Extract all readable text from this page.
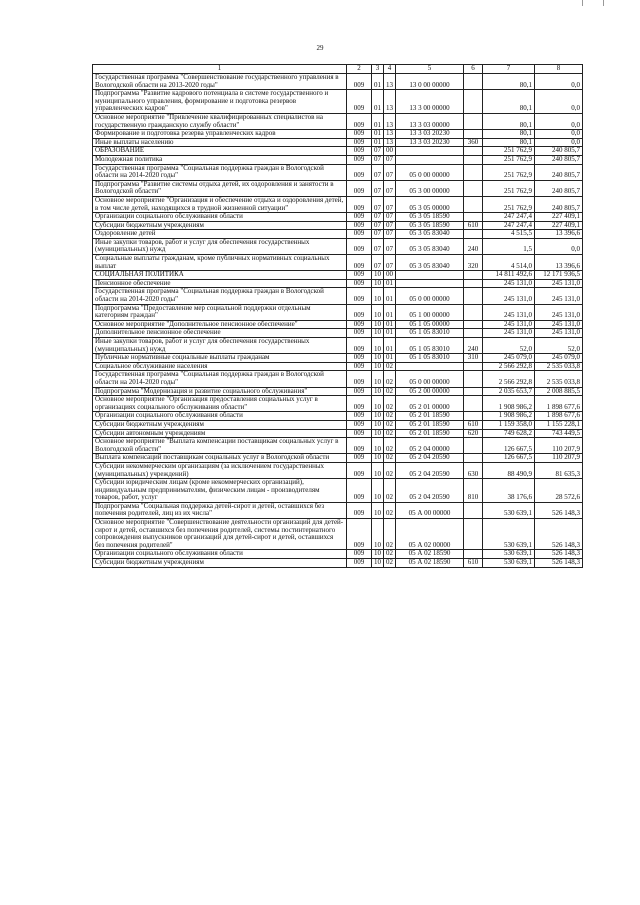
29
1	2	3	4	5	6	7	8
Государственная программа "Совершенствование государственного управления в Вологодской области на 2013-2020 годы"	009	01	13	13 0 00 00000		80,1	0,0
Подпрограмма "Развитие кадрового потенциала в системе государственного и муниципального управления, формирование и подготовка резервов управленческих кадров"	009	01	13	13 3 00 00000		80,1	0,0
Основное мероприятие "Привлечение квалифицированных специалистов на государственную гражданскую службу области"	009	01	13	13 3 03 00000		80,1	0,0
Формирование и подготовка резерва управленческих кадров	009	01	13	13 3 03 20230		80,1	0,0
Иные выплаты населению	009	01	13	13 3 03 20230	360	80,1	0,0
ОБРАЗОВАНИЕ	009	07	00			251 762,9	240 805,7
Молодежная политика	009	07	07			251 762,9	240 805,7
Государственная программа "Социальная поддержка граждан в Вологодской области на 2014-2020 годы"	009	07	07	05 0 00 00000		251 762,9	240 805,7
Подпрограмма "Развитие системы отдыха детей, их оздоровления и занятости в Вологодской области"	009	07	07	05 3 00 00000		251 762,9	240 805,7
Основное мероприятие "Организация и обеспечение отдыха и оздоровления детей, в том числе детей, находящихся в трудной жизненной ситуации"	009	07	07	05 3 05 00000		251 762,9	240 805,7
Организации социального обслуживания области	009	07	07	05 3 05 18590		247 247,4	227 409,1
Субсидии бюджетным учреждениям	009	07	07	05 3 05 18590	610	247 247,4	227 409,1
Оздоровление детей	009	07	07	05 3 05 83040		4 515,5	13 396,6
Иные закупки товаров, работ и услуг для обеспечения государственных (муниципальных) нужд	009	07	07	05 3 05 83040	240	1,5	0,0
Социальные выплаты гражданам, кроме публичных нормативных социальных выплат	009	07	07	05 3 05 83040	320	4 514,0	13 396,6
СОЦИАЛЬНАЯ ПОЛИТИКА	009	10	00			14 811 492,6	12 171 936,5
Пенсионное обеспечение	009	10	01			245 131,0	245 131,0
Государственная программа "Социальная поддержка граждан в Вологодской области на 2014-2020 годы"	009	10	01	05 0 00 00000		245 131,0	245 131,0
Подпрограмма "Предоставление мер социальной поддержки отдельным категориям граждан"	009	10	01	05 1 00 00000		245 131,0	245 131,0
Основное мероприятие "Дополнительное пенсионное обеспечение"	009	10	01	05 1 05 00000		245 131,0	245 131,0
Дополнительное пенсионное обеспечение	009	10	01	05 1 05 83010		245 131,0	245 131,0
Иные закупки товаров, работ и услуг для обеспечения государственных (муниципальных) нужд	009	10	01	05 1 05 83010	240	52,0	52,0
Публичные нормативные социальные выплаты гражданам	009	10	01	05 1 05 83010	310	245 079,0	245 079,0
Социальное обслуживание населения	009	10	02			2 566 292,8	2 535 033,8
Государственная программа "Социальная поддержка граждан в Вологодской области на 2014-2020 годы"	009	10	02	05 0 00 00000		2 566 292,8	2 535 033,8
Подпрограмма "Модернизация и развитие социального обслуживания"	009	10	02	05 2 00 00000		2 035 653,7	2 008 885,5
Основное мероприятие "Организация предоставления социальных услуг в организациях социального обслуживания области"	009	10	02	05 2 01 00000		1 908 986,2	1 898 677,6
Организации социального обслуживания области	009	10	02	05 2 01 18590		1 908 986,2	1 898 677,6
Субсидии бюджетным учреждениям	009	10	02	05 2 01 18590	610	1 159 358,0	1 155 228,1
Субсидии автономным учреждениям	009	10	02	05 2 01 18590	620	749 628,2	743 449,5
Основное мероприятие "Выплата компенсации поставщикам социальных услуг в Вологодской области"	009	10	02	05 2 04 00000		126 667,5	110 207,9
Выплата компенсаций поставщикам социальных услуг в Вологодской области	009	10	02	05 2 04 20590		126 667,5	110 207,9
Субсидии некоммерческим организациям (за исключением государственных (муниципальных) учреждений)	009	10	02	05 2 04 20590	630	88 490,9	81 635,3
Субсидии юридическим лицам (кроме некоммерческих организаций), индивидуальным предпринимателям, физическим лицам - производителям товаров, работ, услуг	009	10	02	05 2 04 20590	810	38 176,6	28 572,6
Подпрограмма "Социальная поддержка детей-сирот и детей, оставшихся без попечения родителей, лиц из их числа"	009	10	02	05 А 00 00000		530 639,1	526 148,3
Основное мероприятие "Совершенствование деятельности организаций для детей-сирот и детей, оставшихся без попечения родителей, системы постинтернатного сопровождения выпускников организаций для детей-сирот и детей, оставшихся без попечения родителей"	009	10	02	05 А 02 00000		530 639,1	526 148,3
Организации социального обслуживания области	009	10	02	05 А 02 18590		530 639,1	526 148,3
Субсидии бюджетным учреждениям	009	10	02	05 А 02 18590	610	530 639,1	526 148,3
